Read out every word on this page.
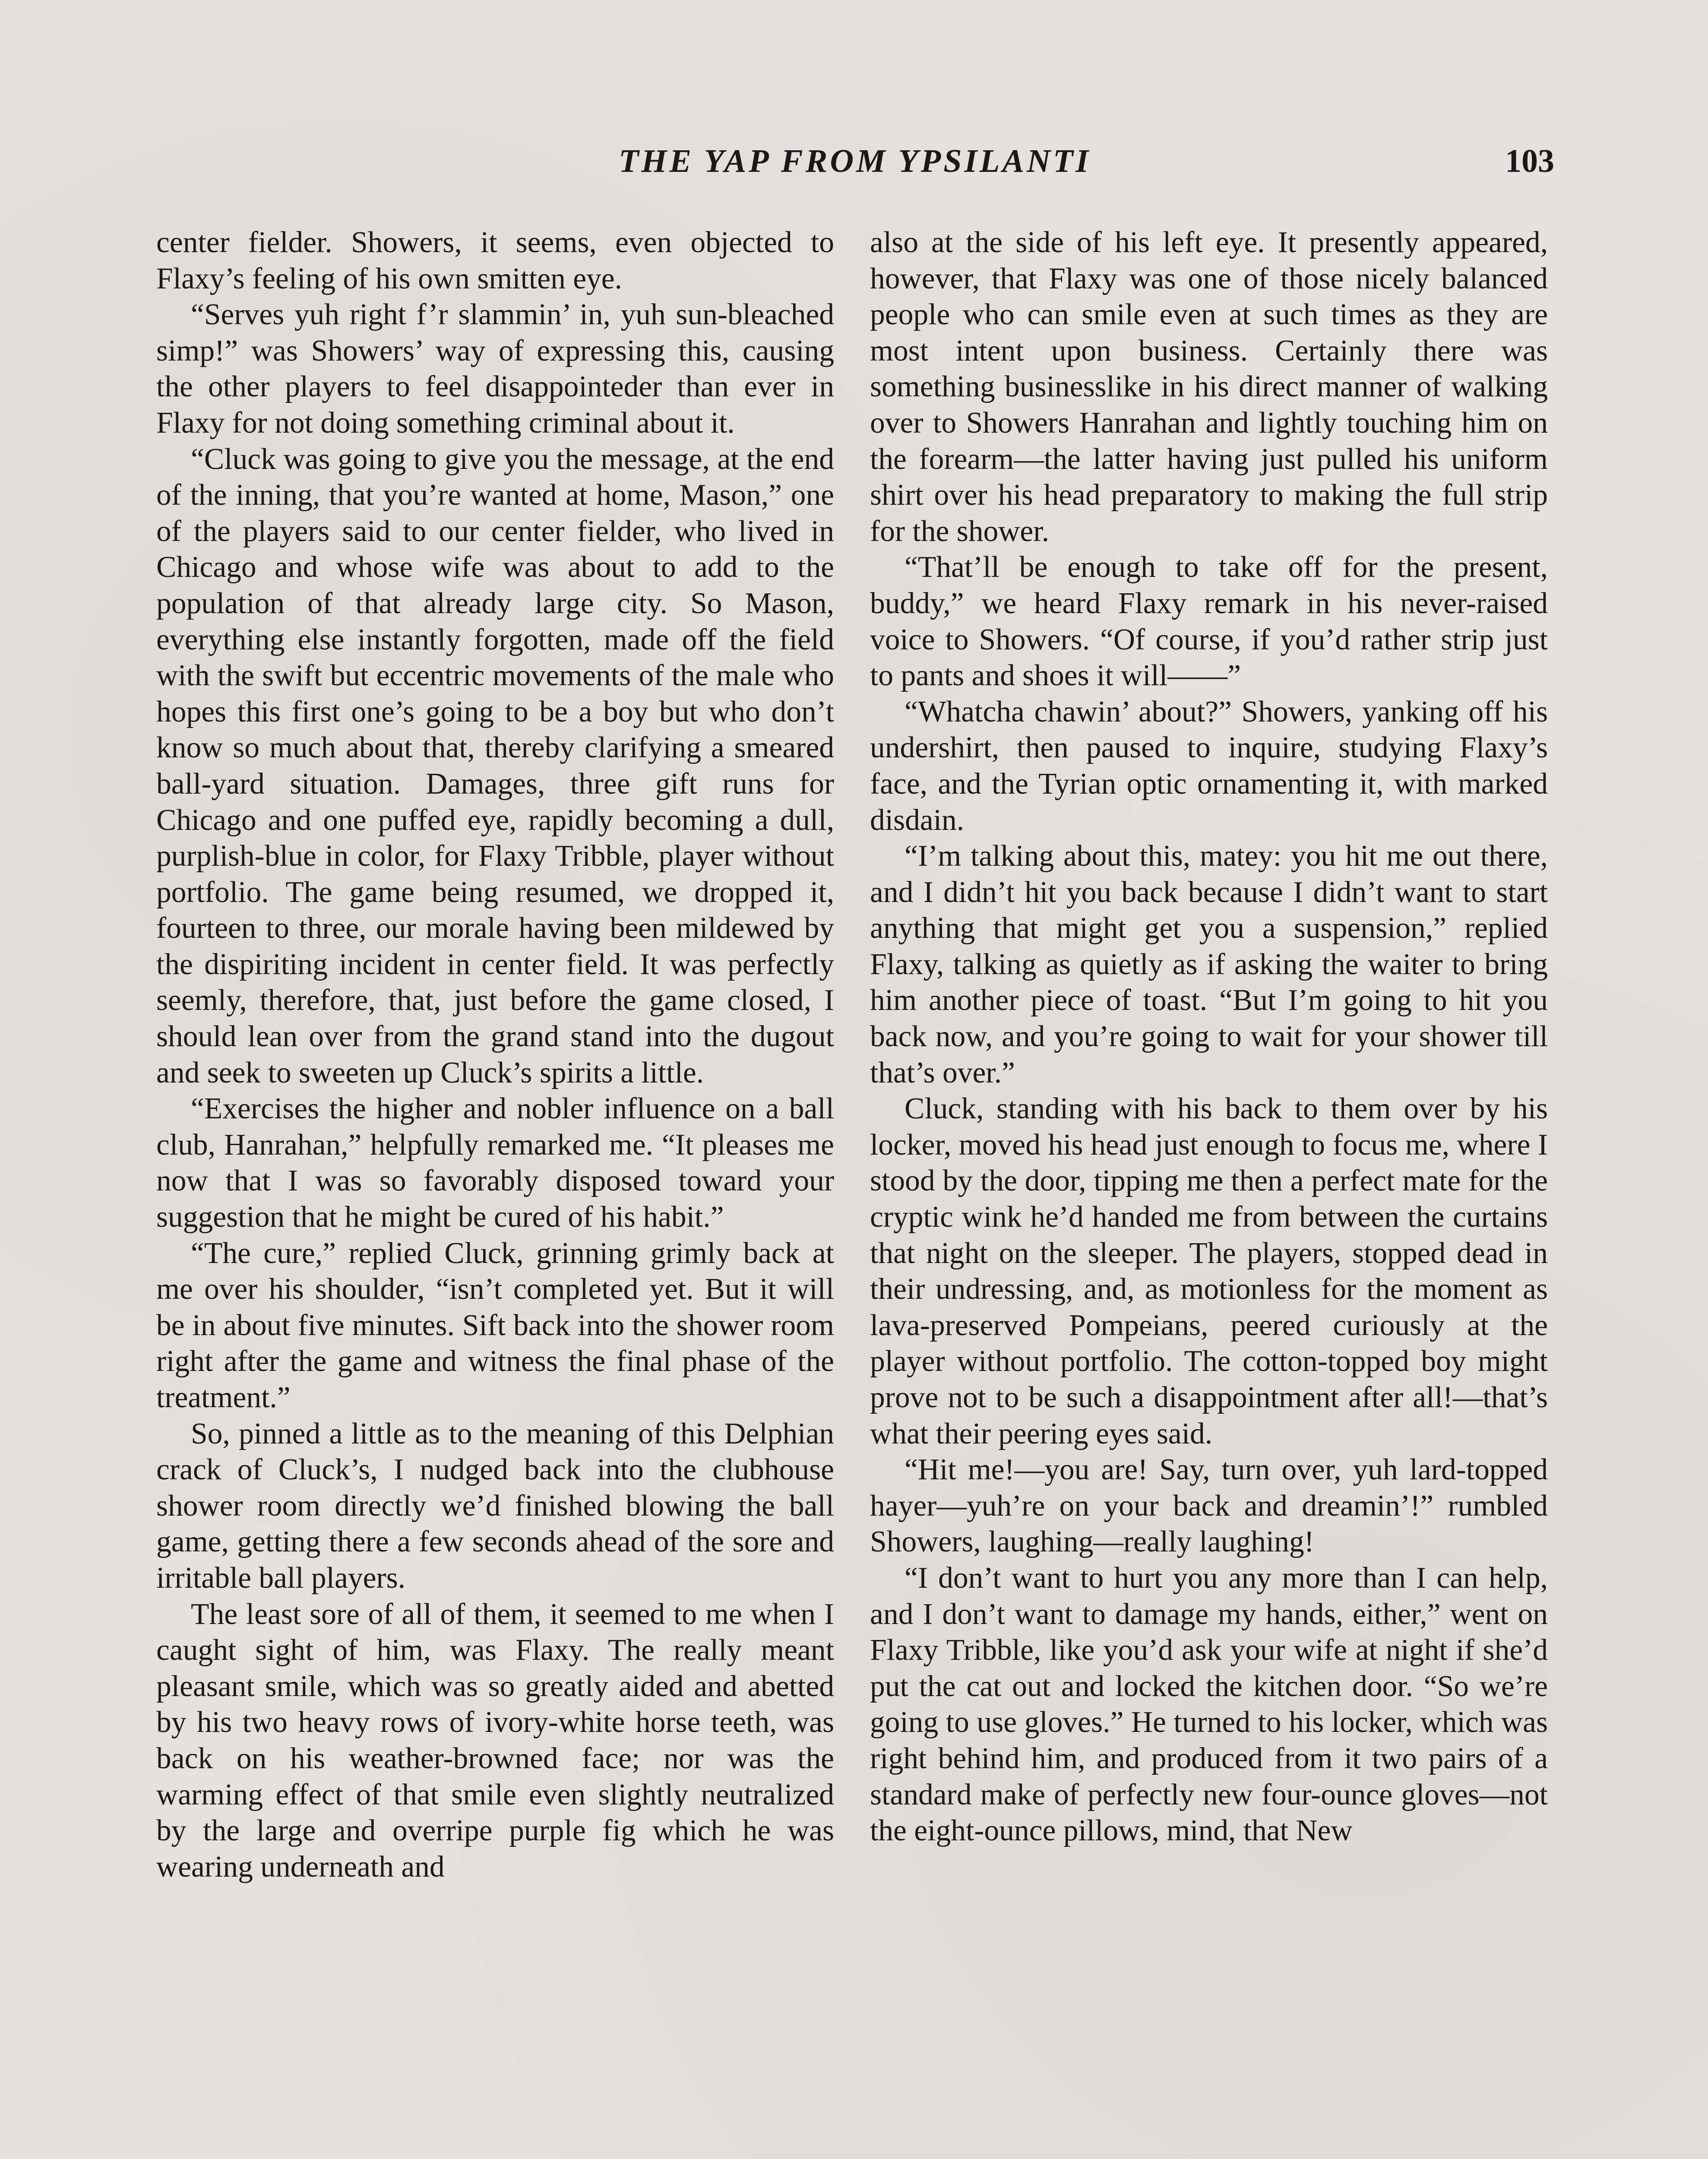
THE YAP FROM YPSILANTI	103

center fielder. Showers, it seems, even objected to Flaxy’s feeling of his own smitten eye.

“Serves yuh right f’r slammin’ in, yuh sun-bleached simp!” was Showers’ way of expressing this, causing the other players to feel disappointeder than ever in Flaxy for not doing something criminal about it.

“Cluck was going to give you the message, at the end of the inning, that you’re wanted at home, Mason,” one of the players said to our center fielder, who lived in Chicago and whose wife was about to add to the population of that already large city. So Mason, everything else instantly forgotten, made off the field with the swift but eccentric movements of the male who hopes this first one’s going to be a boy but who don’t know so much about that, thereby clarifying a smeared ball-yard situation. Damages, three gift runs for Chicago and one puffed eye, rapidly becoming a dull, purplish-blue in color, for Flaxy Tribble, player without portfolio. The game being resumed, we dropped it, fourteen to three, our morale having been mildewed by the dispiriting incident in center field. It was perfectly seemly, therefore, that, just before the game closed, I should lean over from the grand stand into the dugout and seek to sweeten up Cluck’s spirits a little.

“Exercises the higher and nobler influence on a ball club, Hanrahan,” helpfully remarked me. “It pleases me now that I was so favorably disposed toward your suggestion that he might be cured of his habit.”

“The cure,” replied Cluck, grinning grimly back at me over his shoulder, “isn’t completed yet. But it will be in about five minutes. Sift back into the shower room right after the game and witness the final phase of the treatment.”

So, pinned a little as to the meaning of this Delphian crack of Cluck’s, I nudged back into the clubhouse shower room directly we’d finished blowing the ball game, getting there a few seconds ahead of the sore and irritable ball players.

The least sore of all of them, it seemed to me when I caught sight of him, was Flaxy. The really meant pleasant smile, which was so greatly aided and abetted by his two heavy rows of ivory-white horse teeth, was back on his weather-browned face; nor was the warming effect of that smile even slightly neutralized by the large and overripe purple fig which he was wearing underneath and

also at the side of his left eye. It presently appeared, however, that Flaxy was one of those nicely balanced people who can smile even at such times as they are most intent upon business. Certainly there was something businesslike in his direct manner of walking over to Showers Hanrahan and lightly touching him on the forearm—the latter having just pulled his uniform shirt over his head preparatory to making the full strip for the shower.

“That’ll be enough to take off for the present, buddy,” we heard Flaxy remark in his never-raised voice to Showers. “Of course, if you’d rather strip just to pants and shoes it will——”

“Whatcha chawin’ about?” Showers, yanking off his undershirt, then paused to inquire, studying Flaxy’s face, and the Tyrian optic ornamenting it, with marked disdain.

“I’m talking about this, matey: you hit me out there, and I didn’t hit you back because I didn’t want to start anything that might get you a suspension,” replied Flaxy, talking as quietly as if asking the waiter to bring him another piece of toast. “But I’m going to hit you back now, and you’re going to wait for your shower till that’s over.”

Cluck, standing with his back to them over by his locker, moved his head just enough to focus me, where I stood by the door, tipping me then a perfect mate for the cryptic wink he’d handed me from between the curtains that night on the sleeper. The players, stopped dead in their undressing, and, as motionless for the moment as lava-preserved Pompeians, peered curiously at the player without portfolio. The cotton-topped boy might prove not to be such a disappointment after all!—that’s what their peering eyes said.

“Hit me!—you are! Say, turn over, yuh lard-topped hayer—yuh’re on your back and dreamin’!” rumbled Showers, laughing—really laughing!

“I don’t want to hurt you any more than I can help, and I don’t want to damage my hands, either,” went on Flaxy Tribble, like you’d ask your wife at night if she’d put the cat out and locked the kitchen door. “So we’re going to use gloves.” He turned to his locker, which was right behind him, and produced from it two pairs of a standard make of perfectly new four-ounce gloves—not the eight-ounce pillows, mind, that New
